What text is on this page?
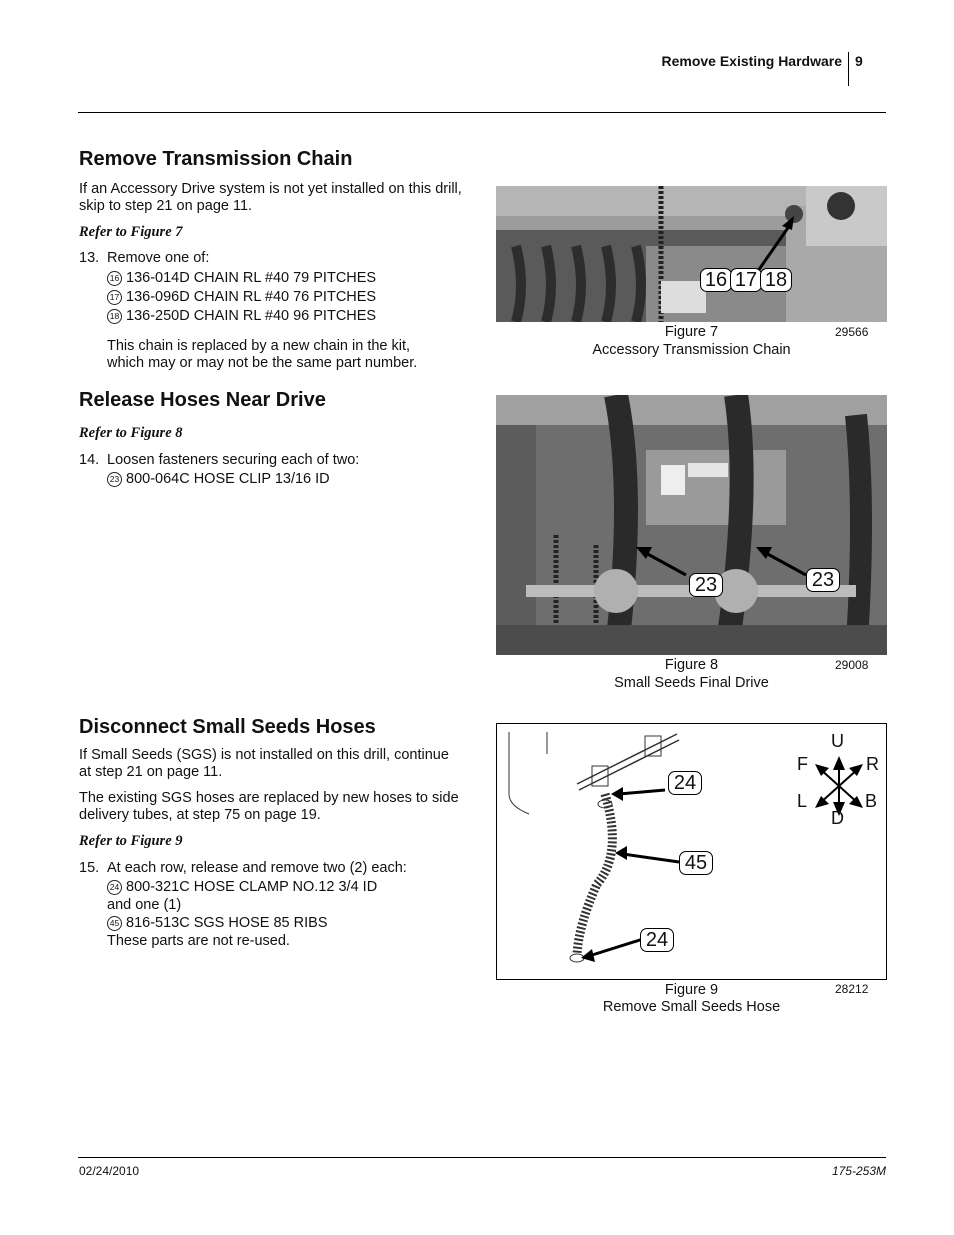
Remove Existing Hardware 9
Remove Transmission Chain
If an Accessory Drive system is not yet installed on this drill, skip to step 21 on page 11.
Refer to Figure 7
13. Remove one of:
16 136-014D CHAIN RL #40 79 PITCHES
17 136-096D CHAIN RL #40 76 PITCHES
18 136-250D CHAIN RL #40 96 PITCHES
This chain is replaced by a new chain in the kit, which may or may not be the same part number.
Release Hoses Near Drive
Refer to Figure 8
14. Loosen fasteners securing each of two:
23 800-064C HOSE CLIP 13/16 ID
Disconnect Small Seeds Hoses
If Small Seeds (SGS) is not installed on this drill, continue at step 21 on page 11.
The existing SGS hoses are replaced by new hoses to side delivery tubes, at step 75 on page 19.
Refer to Figure 9
15. At each row, release and remove two (2) each:
24 800-321C HOSE CLAMP NO.12 3/4 ID
and one (1)
45 816-513C SGS HOSE 85 RIBS
These parts are not re-used.
16 17 18
Figure 7
Accessory Transmission Chain
29566
23	23
Figure 8
Small Seeds Final Drive
29008
24
45
24
U
D
F	R
L	B
Figure 9
Remove Small Seeds Hose
28212
02/24/2010	175-253M
